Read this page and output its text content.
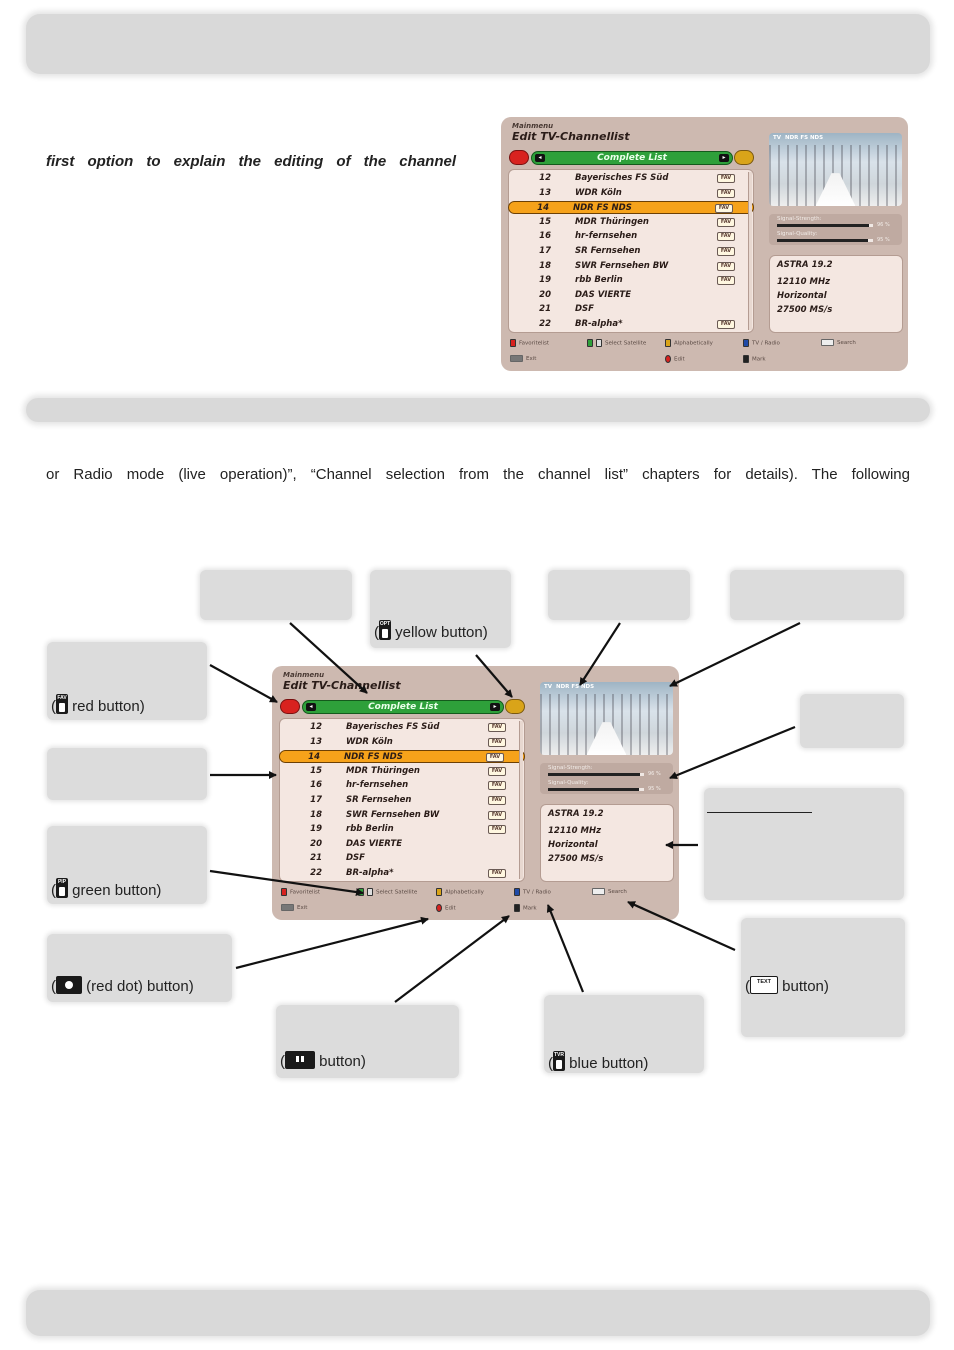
first option to explain the editing of the channel
or Radio mode (live operation)”, “Channel selection from the channel list” chapters for details). The following
Mainmenu
Edit TV-Channellist
◂	Complete List	▸
12	Bayerisches FS Süd	FAV
13	WDR Köln	FAV
14	NDR FS NDS	FAV
15	MDR Thüringen	FAV
16	hr-fernsehen	FAV
17	SR Fernsehen	FAV
18	SWR Fernsehen BW	FAV
19	rbb Berlin	FAV
20	DAS VIERTE
21	DSF
22	BR-alpha*	FAV
TV NDR FS NDS
Signal-Strength:
96 %
Signal-Quality:
95 %
ASTRA 19.2
12110 MHz
Horizontal
27500 MS/s
Favoritelist	Select Satellite	Alphabetically	TV / Radio	Search
Exit	Edit	Mark
Mainmenu
Edit TV-Channellist
◂	Complete List	▸
12	Bayerisches FS Süd	FAV
13	WDR Köln	FAV
14	NDR FS NDS	FAV
15	MDR Thüringen	FAV
16	hr-fernsehen	FAV
17	SR Fernsehen	FAV
18	SWR Fernsehen BW	FAV
19	rbb Berlin	FAV
20	DAS VIERTE
21	DSF
22	BR-alpha*	FAV
TV NDR FS NDS
Signal-Strength:
96 %
Signal-Quality:
95 %
ASTRA 19.2
12110 MHz
Horizontal
27500 MS/s
Favoritelist	Select Satellite	Alphabetically	TV / Radio	Search
Exit	Edit	Mark
( OPT yellow button)
( FAV red button)
( PIP green button)
(	TEXT button)
( (red dot) button)
( TVR blue button)
( button)
